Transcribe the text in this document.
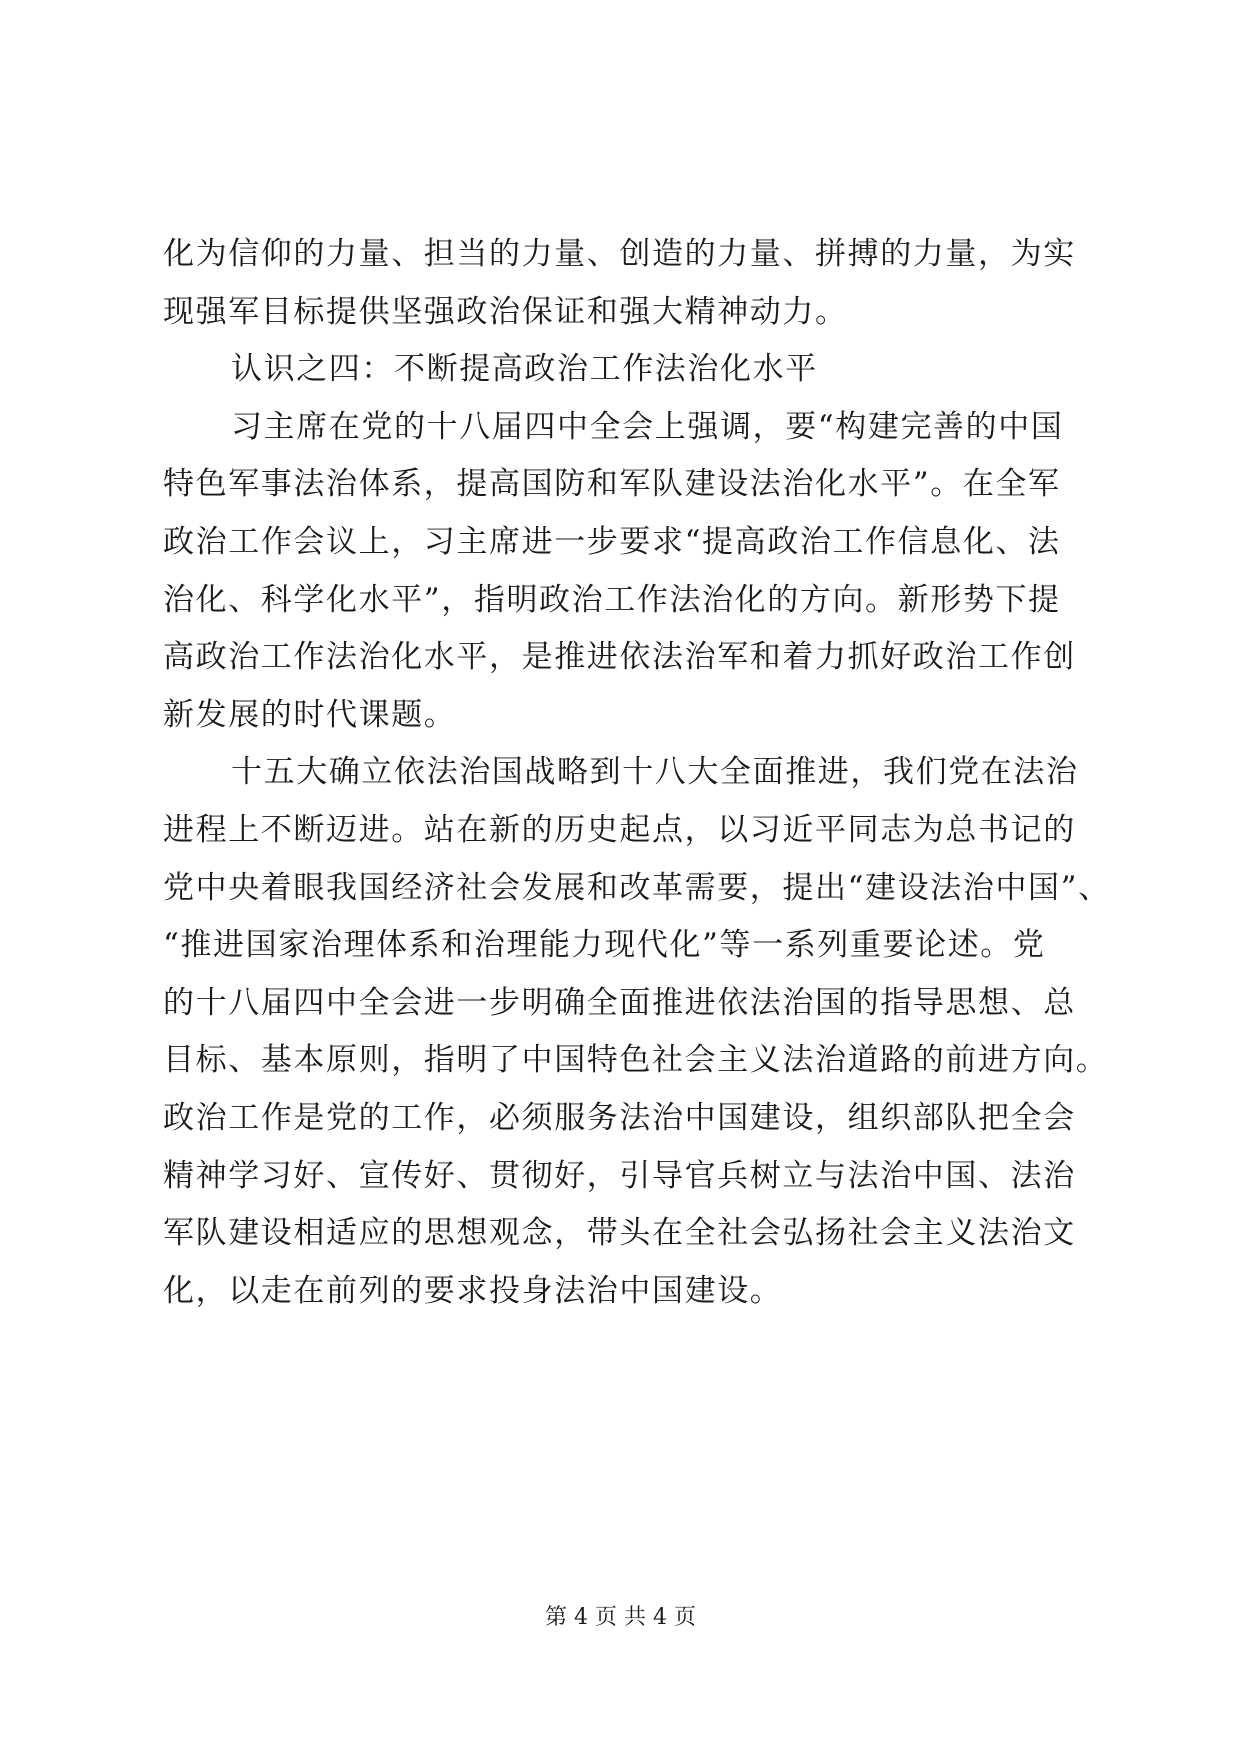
化为信仰的力量、担当的力量、创造的力量、拼搏的力量，为实
现强军目标提供坚强政治保证和强大精神动力。
认识之四：不断提高政治工作法治化水平
习主席在党的十八届四中全会上强调，要“构建完善的中国
特色军事法治体系，提高国防和军队建设法治化水平”。在全军
政治工作会议上，习主席进一步要求“提高政治工作信息化、法
治化、科学化水平”，指明政治工作法治化的方向。新形势下提
高政治工作法治化水平，是推进依法治军和着力抓好政治工作创
新发展的时代课题。
十五大确立依法治国战略到十八大全面推进，我们党在法治
进程上不断迈进。站在新的历史起点，以习近平同志为总书记的
党中央着眼我国经济社会发展和改革需要，提出“建设法治中国”、
“推进国家治理体系和治理能力现代化”等一系列重要论述。党
的十八届四中全会进一步明确全面推进依法治国的指导思想、总
目标、基本原则，指明了中国特色社会主义法治道路的前进方向。
政治工作是党的工作，必须服务法治中国建设，组织部队把全会
精神学习好、宣传好、贯彻好，引导官兵树立与法治中国、法治
军队建设相适应的思想观念，带头在全社会弘扬社会主义法治文
化，以走在前列的要求投身法治中国建设。
第 4 页 共 4 页
